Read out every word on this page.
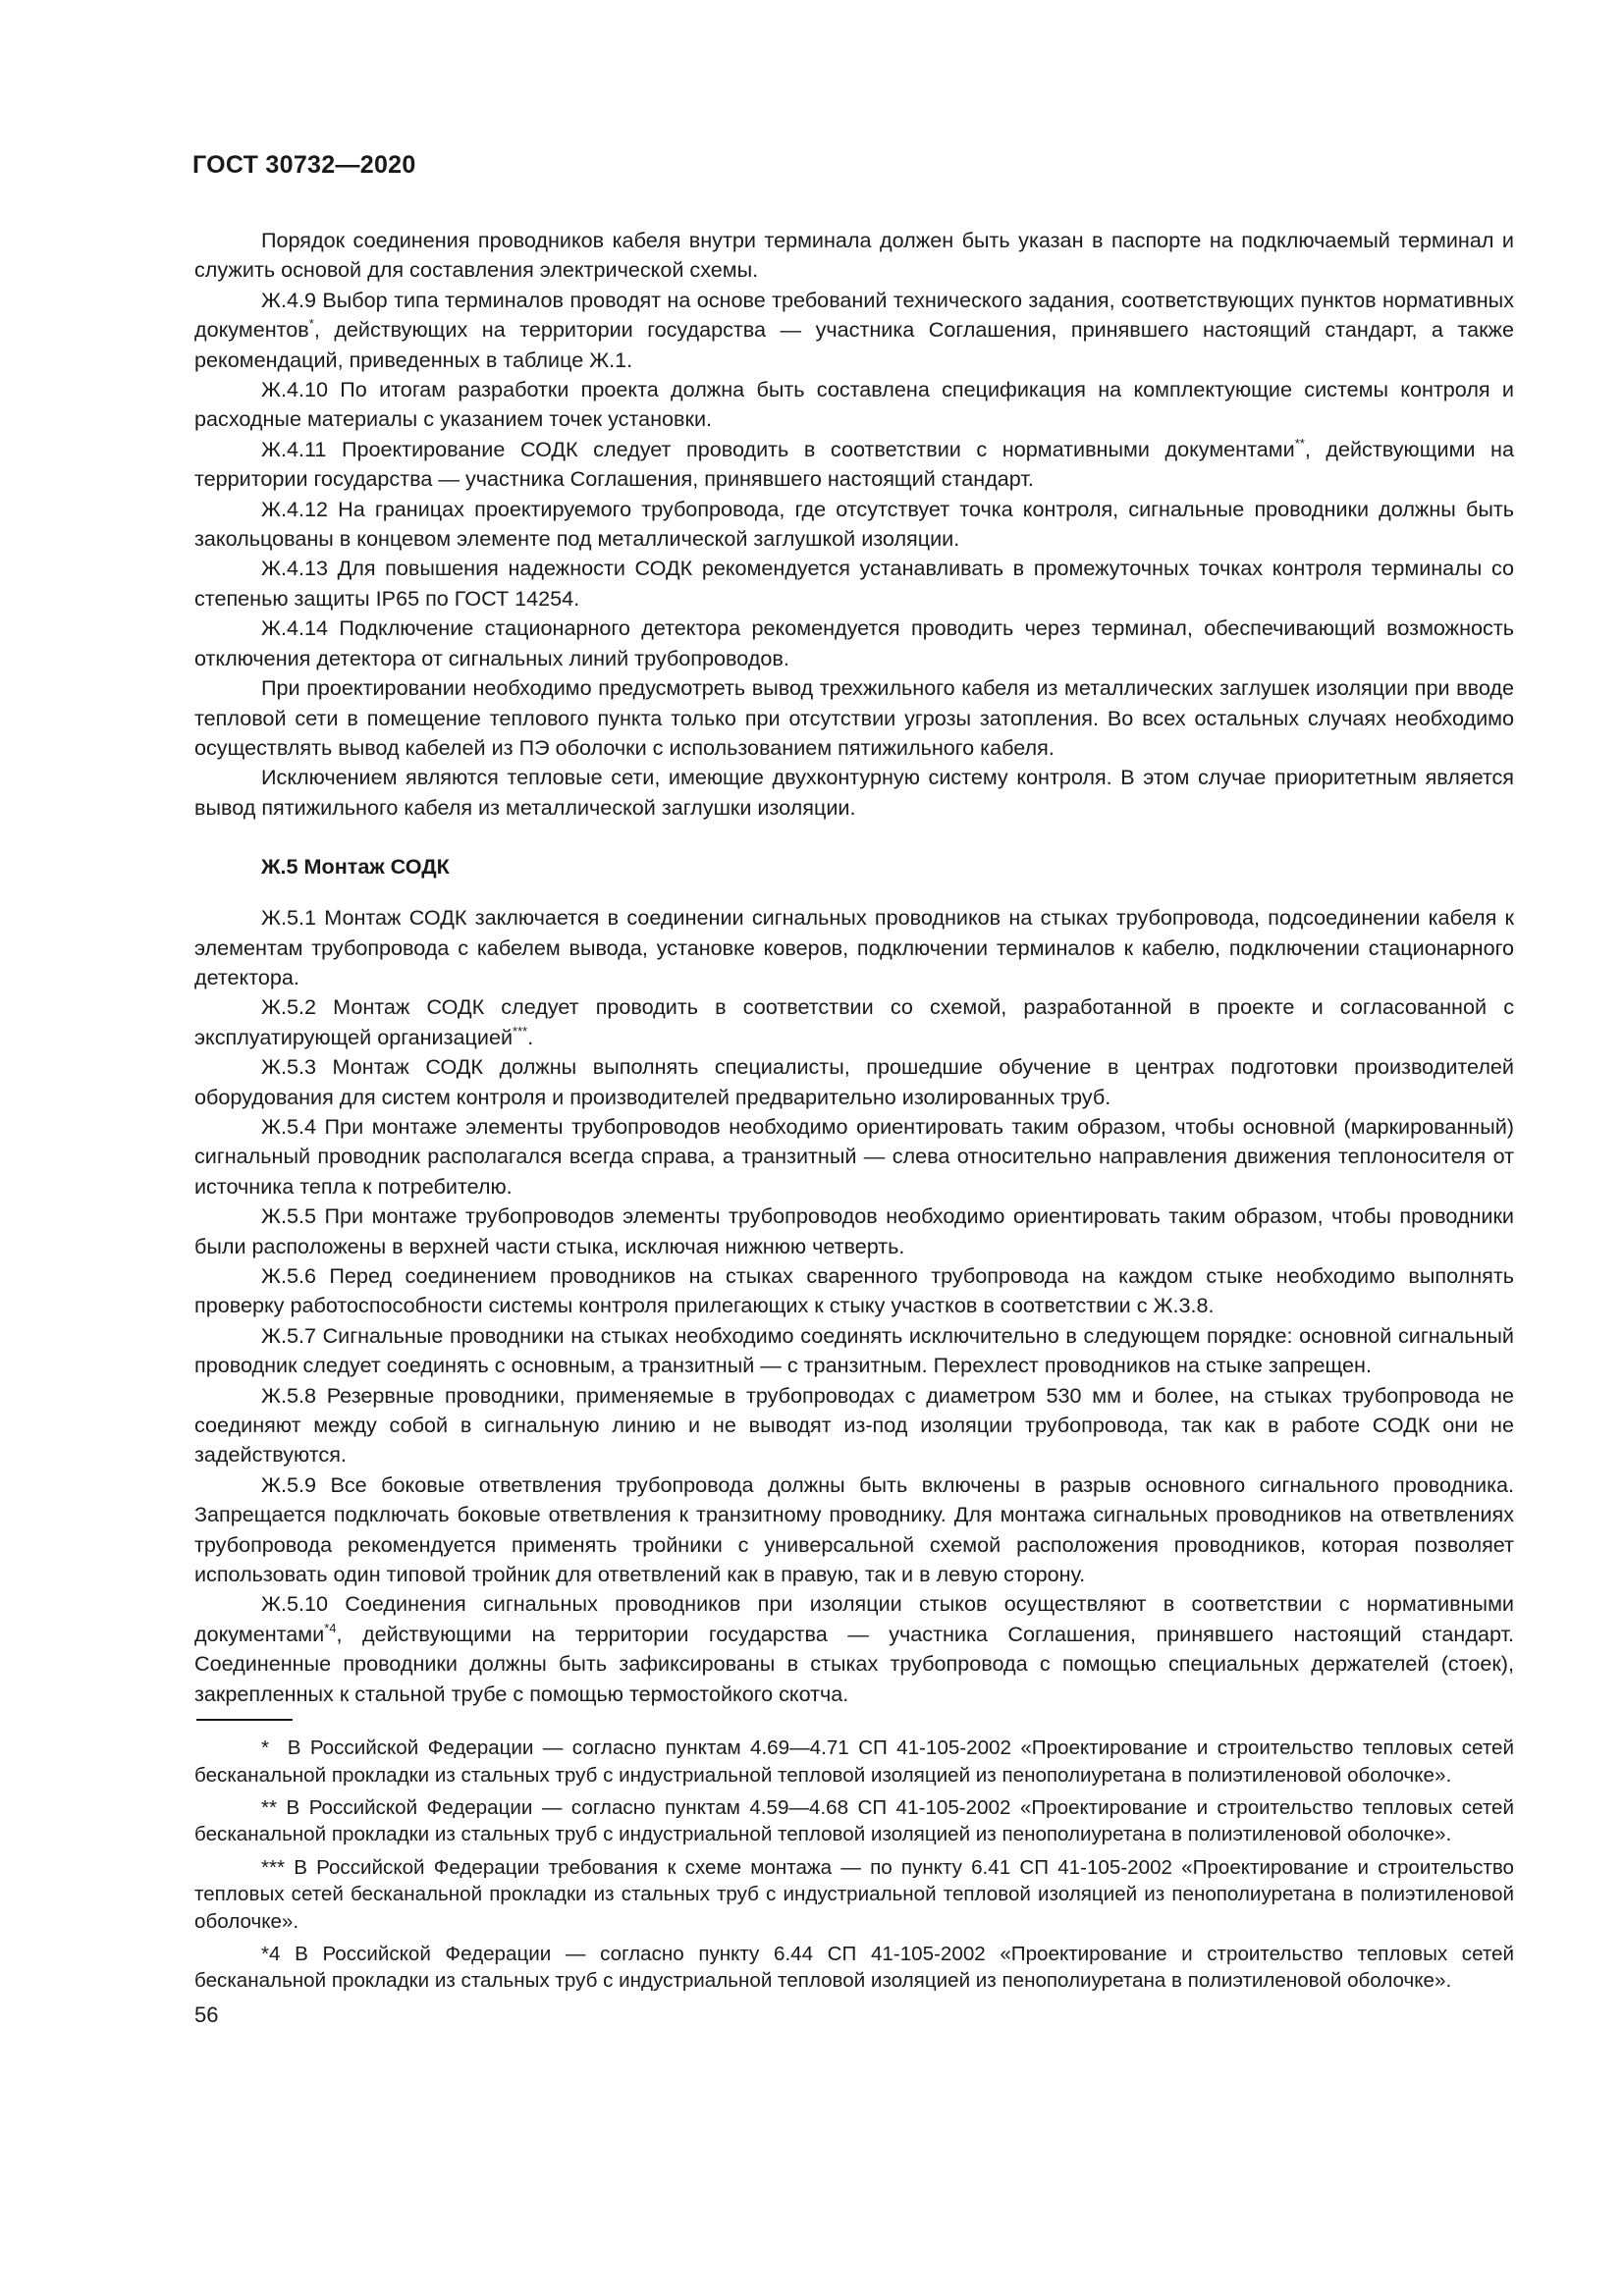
ГОСТ 30732—2020

Порядок соединения проводников кабеля внутри терминала должен быть указан в паспорте на подключаемый терминал и служить основой для составления электрической схемы.

Ж.4.9 Выбор типа терминалов проводят на основе требований технического задания, соответствующих пунктов нормативных документов*, действующих на территории государства — участника Соглашения, принявшего настоящий стандарт, а также рекомендаций, приведенных в таблице Ж.1.

Ж.4.10 По итогам разработки проекта должна быть составлена спецификация на комплектующие системы контроля и расходные материалы с указанием точек установки.

Ж.4.11 Проектирование СОДК следует проводить в соответствии с нормативными документами**, действующими на территории государства — участника Соглашения, принявшего настоящий стандарт.

Ж.4.12 На границах проектируемого трубопровода, где отсутствует точка контроля, сигнальные проводники должны быть закольцованы в концевом элементе под металлической заглушкой изоляции.

Ж.4.13 Для повышения надежности СОДК рекомендуется устанавливать в промежуточных точках контроля терминалы со степенью защиты IP65 по ГОСТ 14254.

Ж.4.14 Подключение стационарного детектора рекомендуется проводить через терминал, обеспечивающий возможность отключения детектора от сигнальных линий трубопроводов.

При проектировании необходимо предусмотреть вывод трехжильного кабеля из металлических заглушек изоляции при вводе тепловой сети в помещение теплового пункта только при отсутствии угрозы затопления. Во всех остальных случаях необходимо осуществлять вывод кабелей из ПЭ оболочки с использованием пятижильного кабеля.

Исключением являются тепловые сети, имеющие двухконтурную систему контроля. В этом случае приоритетным является вывод пятижильного кабеля из металлической заглушки изоляции.

Ж.5 Монтаж СОДК

Ж.5.1 Монтаж СОДК заключается в соединении сигнальных проводников на стыках трубопровода, подсоединении кабеля к элементам трубопровода с кабелем вывода, установке коверов, подключении терминалов к кабелю, подключении стационарного детектора.

Ж.5.2 Монтаж СОДК следует проводить в соответствии со схемой, разработанной в проекте и согласованной с эксплуатирующей организацией***.

Ж.5.3 Монтаж СОДК должны выполнять специалисты, прошедшие обучение в центрах подготовки производителей оборудования для систем контроля и производителей предварительно изолированных труб.

Ж.5.4 При монтаже элементы трубопроводов необходимо ориентировать таким образом, чтобы основной (маркированный) сигнальный проводник располагался всегда справа, а транзитный — слева относительно направления движения теплоносителя от источника тепла к потребителю.

Ж.5.5 При монтаже трубопроводов элементы трубопроводов необходимо ориентировать таким образом, чтобы проводники были расположены в верхней части стыка, исключая нижнюю четверть.

Ж.5.6 Перед соединением проводников на стыках сваренного трубопровода на каждом стыке необходимо выполнять проверку работоспособности системы контроля прилегающих к стыку участков в соответствии с Ж.3.8.

Ж.5.7 Сигнальные проводники на стыках необходимо соединять исключительно в следующем порядке: основной сигнальный проводник следует соединять с основным, а транзитный — с транзитным. Перехлест проводников на стыке запрещен.

Ж.5.8 Резервные проводники, применяемые в трубопроводах с диаметром 530 мм и более, на стыках трубопровода не соединяют между собой в сигнальную линию и не выводят из-под изоляции трубопровода, так как в работе СОДК они не задействуются.

Ж.5.9 Все боковые ответвления трубопровода должны быть включены в разрыв основного сигнального проводника. Запрещается подключать боковые ответвления к транзитному проводнику. Для монтажа сигнальных проводников на ответвлениях трубопровода рекомендуется применять тройники с универсальной схемой расположения проводников, которая позволяет использовать один типовой тройник для ответвлений как в правую, так и в левую сторону.

Ж.5.10 Соединения сигнальных проводников при изоляции стыков осуществляют в соответствии с нормативными документами$^{*4}$, действующими на территории государства — участника Соглашения, принявшего настоящий стандарт. Соединенные проводники должны быть зафиксированы в стыках трубопровода с помощью специальных держателей (стоек), закрепленных к стальной трубе с помощью термостойкого скотча.

* В Российской Федерации — согласно пунктам 4.69—4.71 СП 41-105-2002 «Проектирование и строительство тепловых сетей бесканальной прокладки из стальных труб с индустриальной тепловой изоляцией из пенополиуретана в полиэтиленовой оболочке».

** В Российской Федерации — согласно пунктам 4.59—4.68 СП 41-105-2002 «Проектирование и строительство тепловых сетей бесканальной прокладки из стальных труб с индустриальной тепловой изоляцией из пенополиуретана в полиэтиленовой оболочке».

*** В Российской Федерации требования к схеме монтажа — по пункту 6.41 СП 41-105-2002 «Проектирование и строительство тепловых сетей бесканальной прокладки из стальных труб с индустриальной тепловой изоляцией из пенополиуретана в полиэтиленовой оболочке».

*4 В Российской Федерации — согласно пункту 6.44 СП 41-105-2002 «Проектирование и строительство тепловых сетей бесканальной прокладки из стальных труб с индустриальной тепловой изоляцией из пенополиуретана в полиэтиленовой оболочке».

56
